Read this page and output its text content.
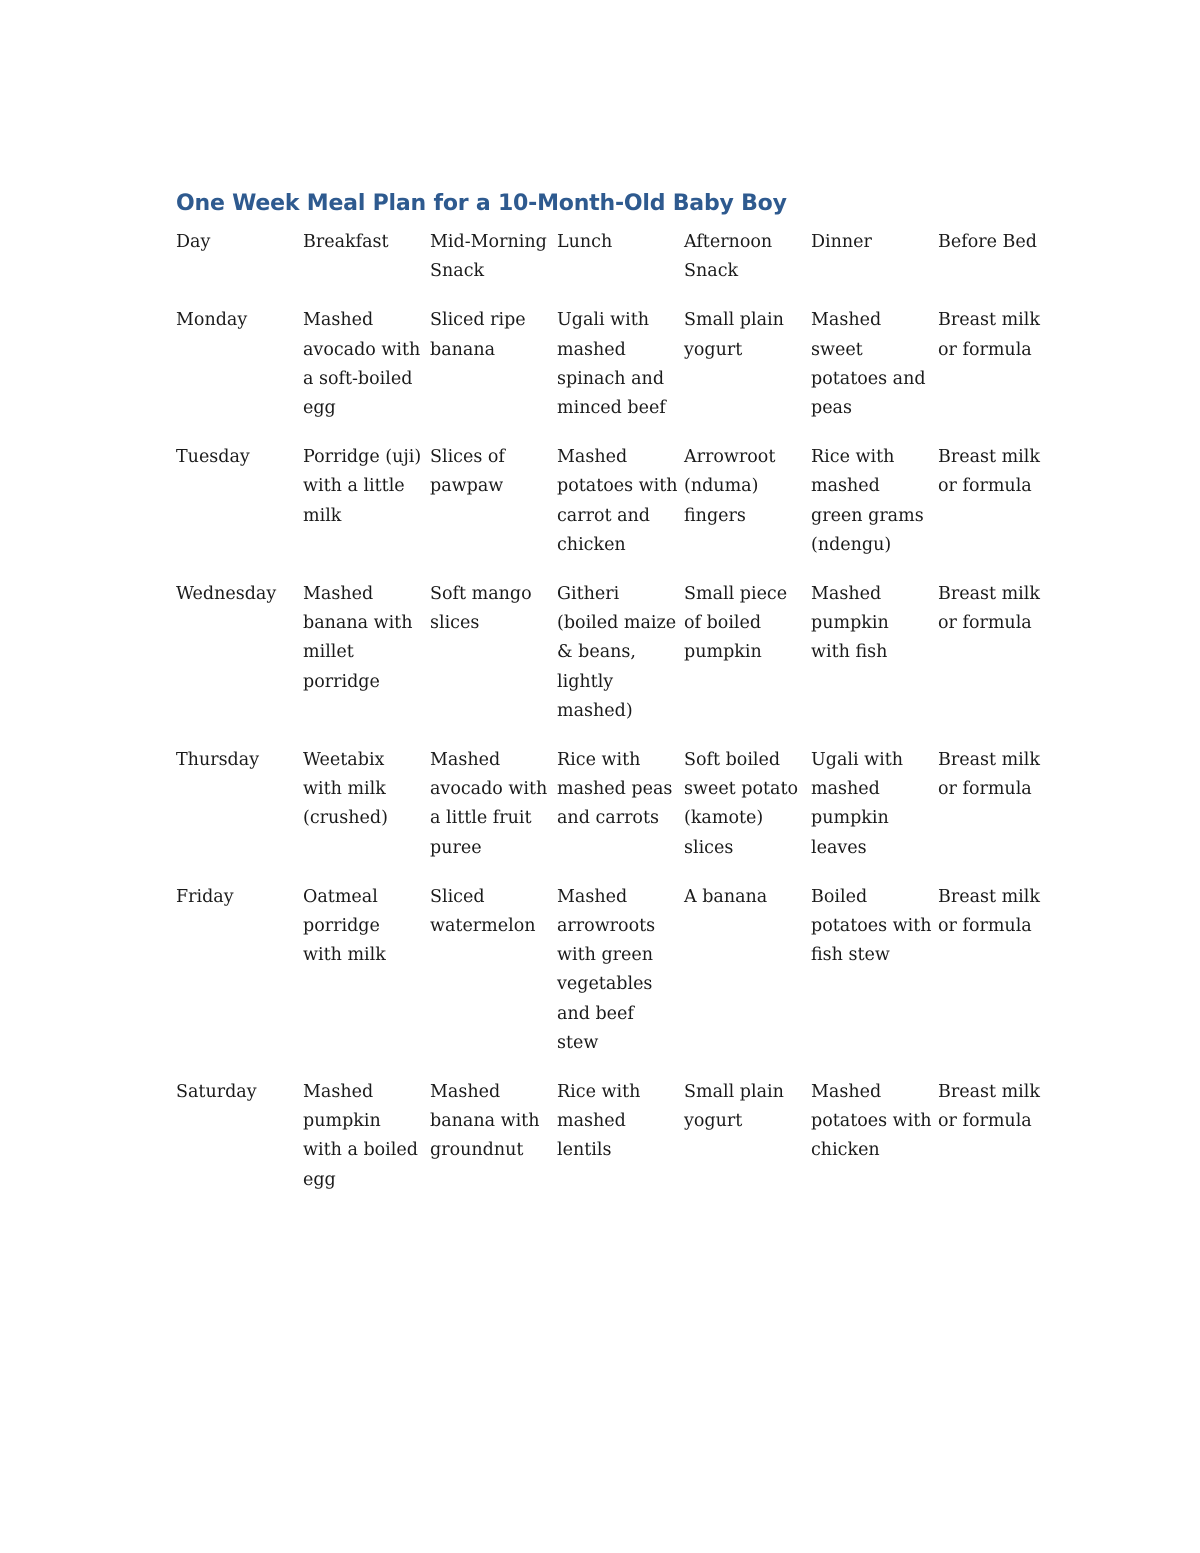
One Week Meal Plan for a 10-Month-Old Baby Boy
Day	Breakfast	Mid-Morning Snack	Lunch	Afternoon Snack	Dinner	Before Bed
Monday	Mashed avocado with a soft-boiled egg	Sliced ripe banana	Ugali with mashed spinach and minced beef	Small plain yogurt	Mashed sweet potatoes and peas	Breast milk or formula
Tuesday	Porridge (uji) with a little milk	Slices of pawpaw	Mashed potatoes with carrot and chicken	Arrowroot (nduma) fingers	Rice with mashed green grams (ndengu)	Breast milk or formula
Wednesday	Mashed banana with millet porridge	Soft mango slices	Githeri (boiled maize & beans, lightly mashed)	Small piece of boiled pumpkin	Mashed pumpkin with fish	Breast milk or formula
Thursday	Weetabix with milk (crushed)	Mashed avocado with a little fruit puree	Rice with mashed peas and carrots	Soft boiled sweet potato (kamote) slices	Ugali with mashed pumpkin leaves	Breast milk or formula
Friday	Oatmeal porridge with milk	Sliced watermelon	Mashed arrowroots with green vegetables and beef stew	A banana	Boiled potatoes with fish stew	Breast milk or formula
Saturday	Mashed pumpkin with a boiled egg	Mashed banana with groundnut	Rice with mashed lentils	Small plain yogurt	Mashed potatoes with chicken	Breast milk or formula
